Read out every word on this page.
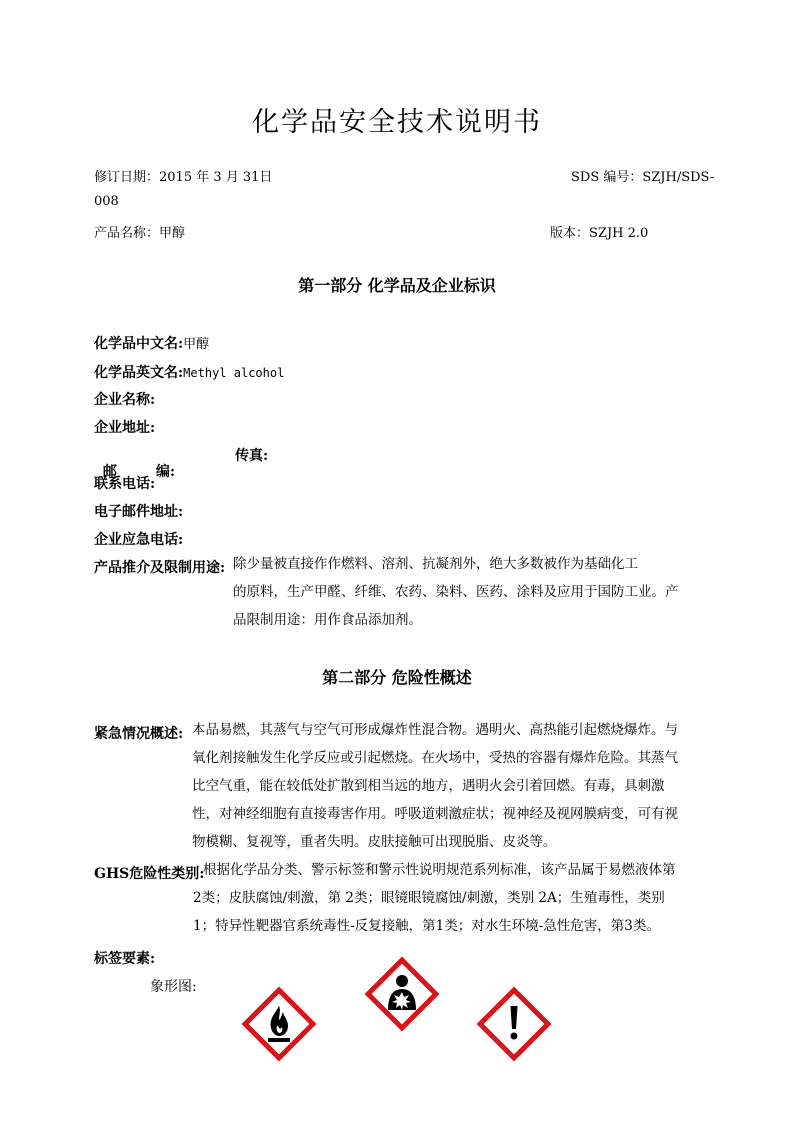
化学品安全技术说明书
修订日期：2015 年 3 月 31日	SDS 编号：SZJH/SDS-
008
产品名称：甲醇	版本：SZJH 2.0
第一部分 化学品及企业标识
化学品中文名:甲醇
化学品英文名:Methyl alcohol
企业名称:
企业地址:

邮        编:

传真:
联系电话:
电子邮件地址:
企业应急电话:
产品推介及限制用途: 除少量被直接作作燃料、溶剂、抗凝剂外，绝大多数被作为基础化工
的原料，生产甲醛、纤维、农药、染料、医药、涂料及应用于国防工业。产
品限制用途：用作食品添加剂。
第二部分 危险性概述
紧急情况概述: 本品易燃，其蒸气与空气可形成爆炸性混合物。遇明火、高热能引起燃烧爆炸。与
氧化剂接触发生化学反应或引起燃烧。在火场中，受热的容器有爆炸危险。其蒸气
比空气重，能在较低处扩散到相当远的地方，遇明火会引着回燃。有毒，具刺激
性，对神经细胞有直接毒害作用。呼吸道刺激症状；视神经及视网膜病变，可有视
物模糊、复视等，重者失明。皮肤接触可出现脱脂、皮炎等。
GHS危险性类别:
根据化学品分类、警示标签和警示性说明规范系列标准，该产品属于易燃液体第
2类；皮肤腐蚀/刺激，第 2类；眼镜眼镜腐蚀/刺激，类别 2A；生殖毒性，类别
1；特异性靶器官系统毒性-反复接触，第1类；对水生环境-急性危害，第3类。
标签要素:
象形图:
